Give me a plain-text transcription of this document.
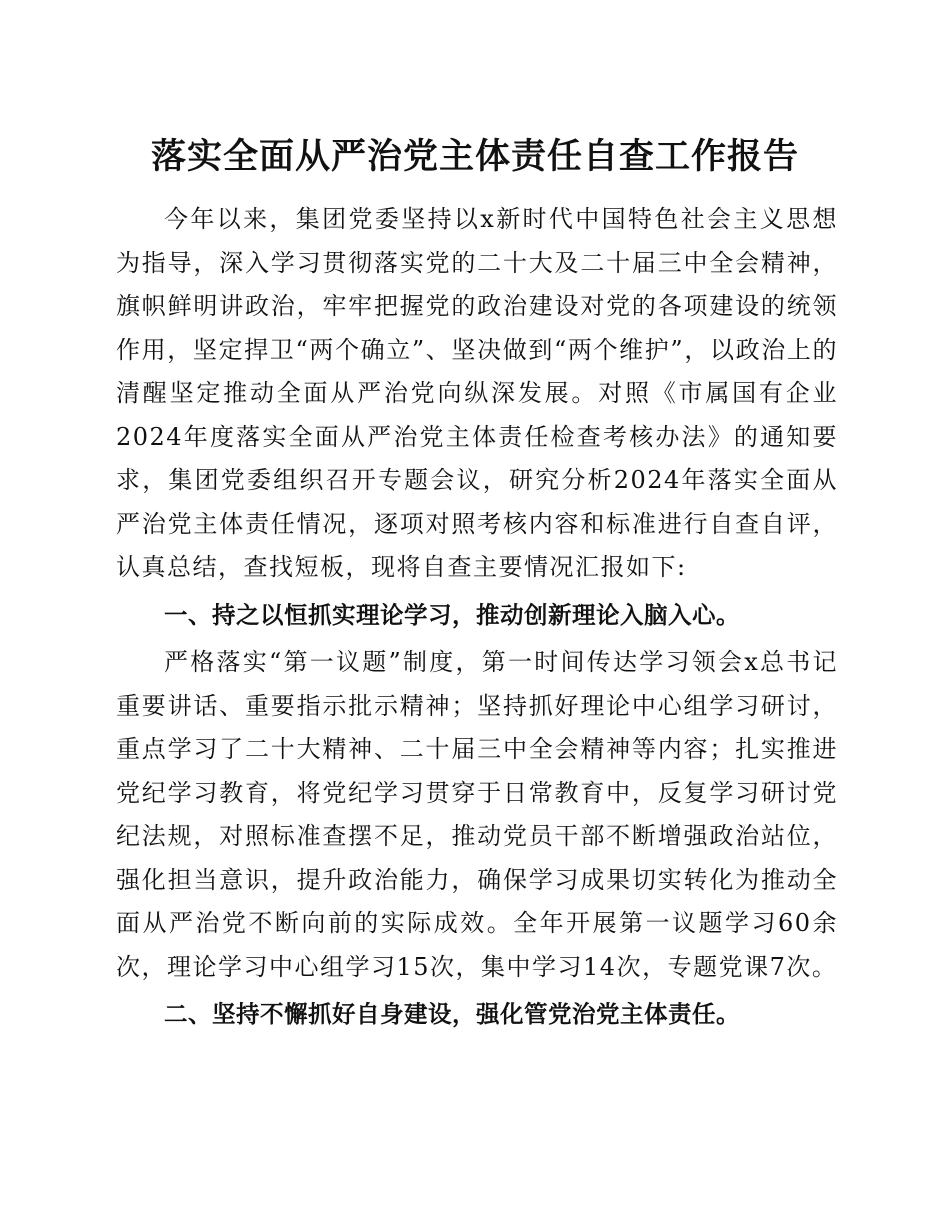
落实全面从严治党主体责任自查工作报告

今年以来，集团党委坚持以x新时代中国特色社会主义思想为指导，深入学习贯彻落实党的二十大及二十届三中全会精神，旗帜鲜明讲政治，牢牢把握党的政治建设对党的各项建设的统领作用，坚定捍卫“两个确立”、坚决做到“两个维护”，以政治上的清醒坚定推动全面从严治党向纵深发展。对照《市属国有企业2024年度落实全面从严治党主体责任检查考核办法》的通知要求，集团党委组织召开专题会议，研究分析2024年落实全面从严治党主体责任情况，逐项对照考核内容和标准进行自查自评，认真总结，查找短板，现将自查主要情况汇报如下:

一、持之以恒抓实理论学习，推动创新理论入脑入心。

严格落实“第一议题”制度，第一时间传达学习领会x总书记重要讲话、重要指示批示精神；坚持抓好理论中心组学习研讨，重点学习了二十大精神、二十届三中全会精神等内容；扎实推进党纪学习教育，将党纪学习贯穿于日常教育中，反复学习研讨党纪法规，对照标准查摆不足，推动党员干部不断增强政治站位，强化担当意识，提升政治能力，确保学习成果切实转化为推动全面从严治党不断向前的实际成效。全年开展第一议题学习60余次，理论学习中心组学习15次，集中学习14次，专题党课7次。

二、坚持不懈抓好自身建设，强化管党治党主体责任。
